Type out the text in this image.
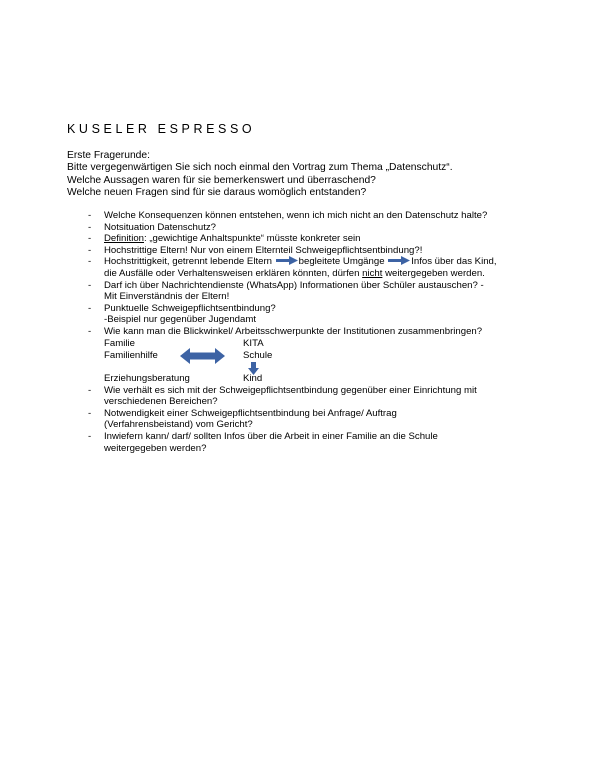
KUSELER ESPRESSO
Erste Fragerunde:
Bitte vergegenwärtigen Sie sich noch einmal den Vortrag zum Thema „Datenschutz“.
Welche Aussagen waren für sie bemerkenswert und überraschend?
Welche neuen Fragen sind für sie daraus womöglich entstanden?
- Welche Konsequenzen können entstehen, wenn ich mich nicht an den Datenschutz halte?
- Notsituation Datenschutz?
- Definition: „gewichtige Anhaltspunkte“ müsste konkreter sein
- Hochstrittige Eltern! Nur von einem Elternteil Schweigepflichtsentbindung?!
- Hochstrittigkeit, getrennt lebende Eltern	begleitete Umgänge	Infos über das Kind,
die Ausfälle oder Verhaltensweisen erklären könnten, dürfen nicht weitergegeben werden.
- Darf ich über Nachrichtendienste (WhatsApp) Informationen über Schüler austauschen? -
Mit Einverständnis der Eltern!
- Punktuelle Schweigepflichtsentbindung?
-Beispiel nur gegenüber Jugendamt
- Wie kann man die Blickwinkel/ Arbeitsschwerpunkte der Institutionen zusammenbringen?
Familie	KITA
Familienhilfe	Schule
Erziehungsberatung	Kind
- Wie verhält es sich mit der Schweigepflichtsentbindung gegenüber einer Einrichtung mit
verschiedenen Bereichen?
- Notwendigkeit einer Schweigepflichtsentbindung bei Anfrage/ Auftrag
(Verfahrensbeistand) vom Gericht?
- Inwiefern kann/ darf/ sollten Infos über die Arbeit in einer Familie an die Schule
weitergegeben werden?
